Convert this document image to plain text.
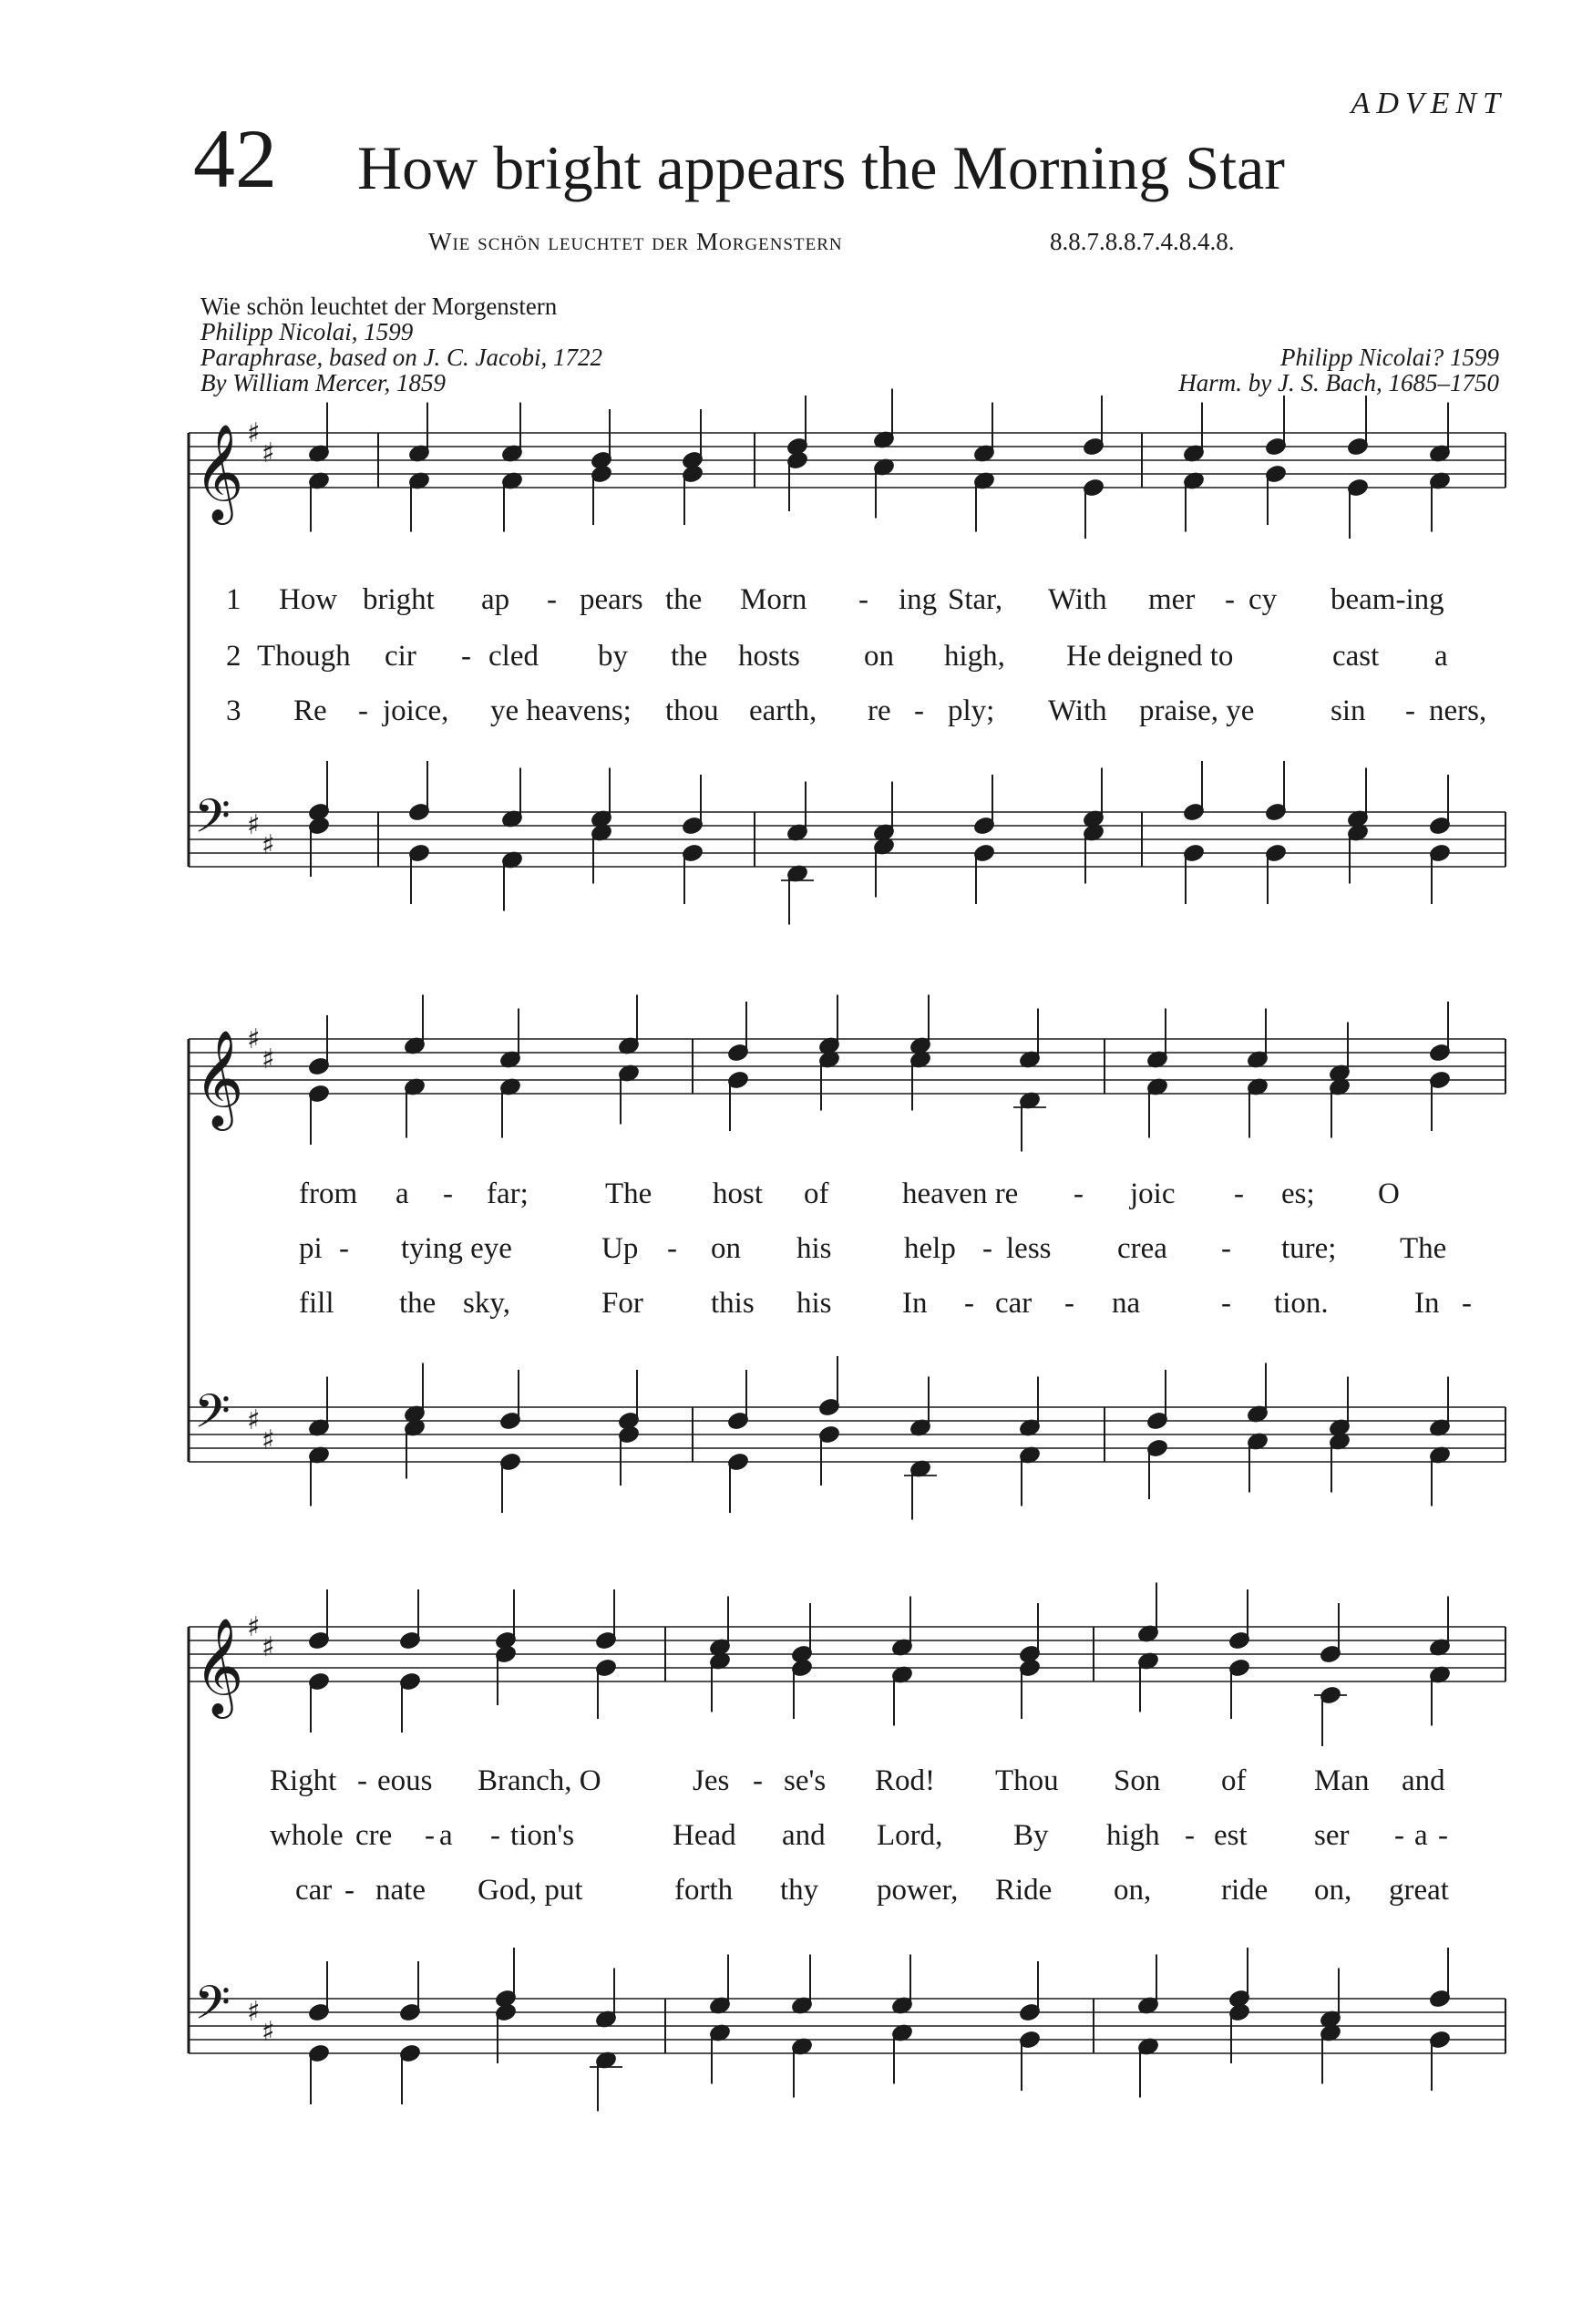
ADVENT
42 How bright appears the Morning Star
Wie schön leuchtet der Morgenstern	8.8.7.8.8.7.4.8.4.8.
Wie schön leuchtet der Morgenstern
Philipp Nicolai, 1599
Paraphrase, based on J. C. Jacobi, 1722
By William Mercer, 1859
Philipp Nicolai? 1599
Harm. by J. S. Bach, 1685–1750
𝄞 ♯
♯
𝄢 ♯
♯
𝄞 ♯
♯
𝄢 ♯
♯
𝄞 ♯
♯
𝄢 ♯
♯
1 How bright ap - pears the Morn - ing Star, With mer - cy beam-ing
2 Though cir - cled by the hosts on high, He deigned to	cast a
3 Re - joice, ye heavens; thou earth, re - ply; With praise, ye	sin - ners,
from a - far;	The host of heaven re - joic - es; O
pi - tying eye	Up - on his help - less crea - ture; The
fill the sky,	For this his In - car - na	- tion.	In -
Right - eous Branch, O	Jes - se's Rod! Thou Son of Man and
whole cre - a - tion's	Head and Lord, By high - est ser - a -
car - nate God, put	forth thy power, Ride on, ride on, great
